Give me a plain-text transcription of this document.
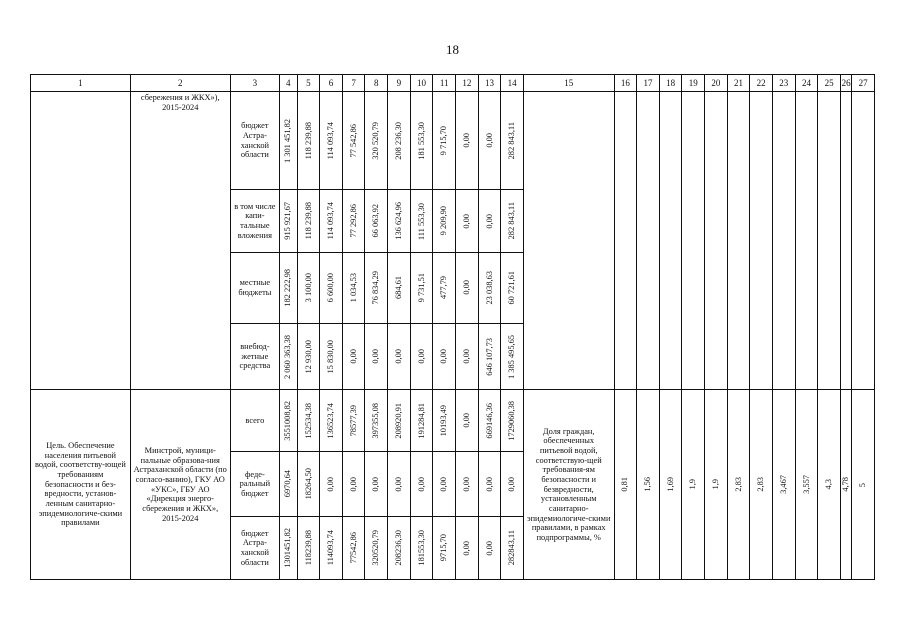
18
1	2	3	4	5	6	7	8	9	10	11	12	13	14	15	16	17	18	19	20	21	22	23	24	25	26	27

	сбережения и ЖКХ»), 2015-2024	бюджет Астра-ханской области	1 301 451,82	118 239,88	114 093,74	77 542,86	320 520,79	208 236,30	181 553,30	9 715,70	0,00	0,00	282 843,11													

		в том числе капи-тальные вложения	915 921,67	118 239,88	114 093,74	77 292,86	66 063,92	136 624,96	111 553,30	9 209,90	0,00	0,00	282 843,11													

		местные бюджеты	182 222,98	3 100,00	6 600,00	1 034,53	76 834,29	684,61	9 731,51	477,79	0,00	23 038,63	60 721,61													

		внебюд-жетные средства	2 060 363,38	12 930,00	15 830,00	0,00	0,00	0,00	0,00	0,00	0,00	646 107,73	1 385 495,65													

Цель. Обеспечение населения питьевой водой, соответству-ющей требованиям безопасности и без-вредности, установ-ленным санитарно-эпидемиологиче-скими правилами	Минстрой, муници-пальные образова-ния Астраханской области (по согласо-ванию), ГКУ АО «УКС», ГБУ АО «Дирекция энерго-сбережения и ЖКХ», 2015-2024	всего	3551008,82	152534,38	136523,74	78577,39	397355,08	208920,91	191284,81	10193,49	0,00	669146,36	1729060,38	Доля граждан, обеспеченных питьевой водой, соответствую-щей требования-ям безопасности и безвредности, установленным санитарно-эпидемиологиче-скими правилами, в рамках подпрограммы, %	0,81	1,56	1,69	1,9	1,9	2,83	2,83	3,467	3,557	4,3	4,78	5

		феде-ральный бюджет	6970,64	18264,50	0,00	0,00	0,00	0,00	0,00	0,00	0,00	0,00	0,00													

		бюджет Астра-ханской области	1301451,82	118239,88	114093,74	77542,86	320520,79	208236,30	181553,30	9715,70	0,00	0,00	282843,11													
